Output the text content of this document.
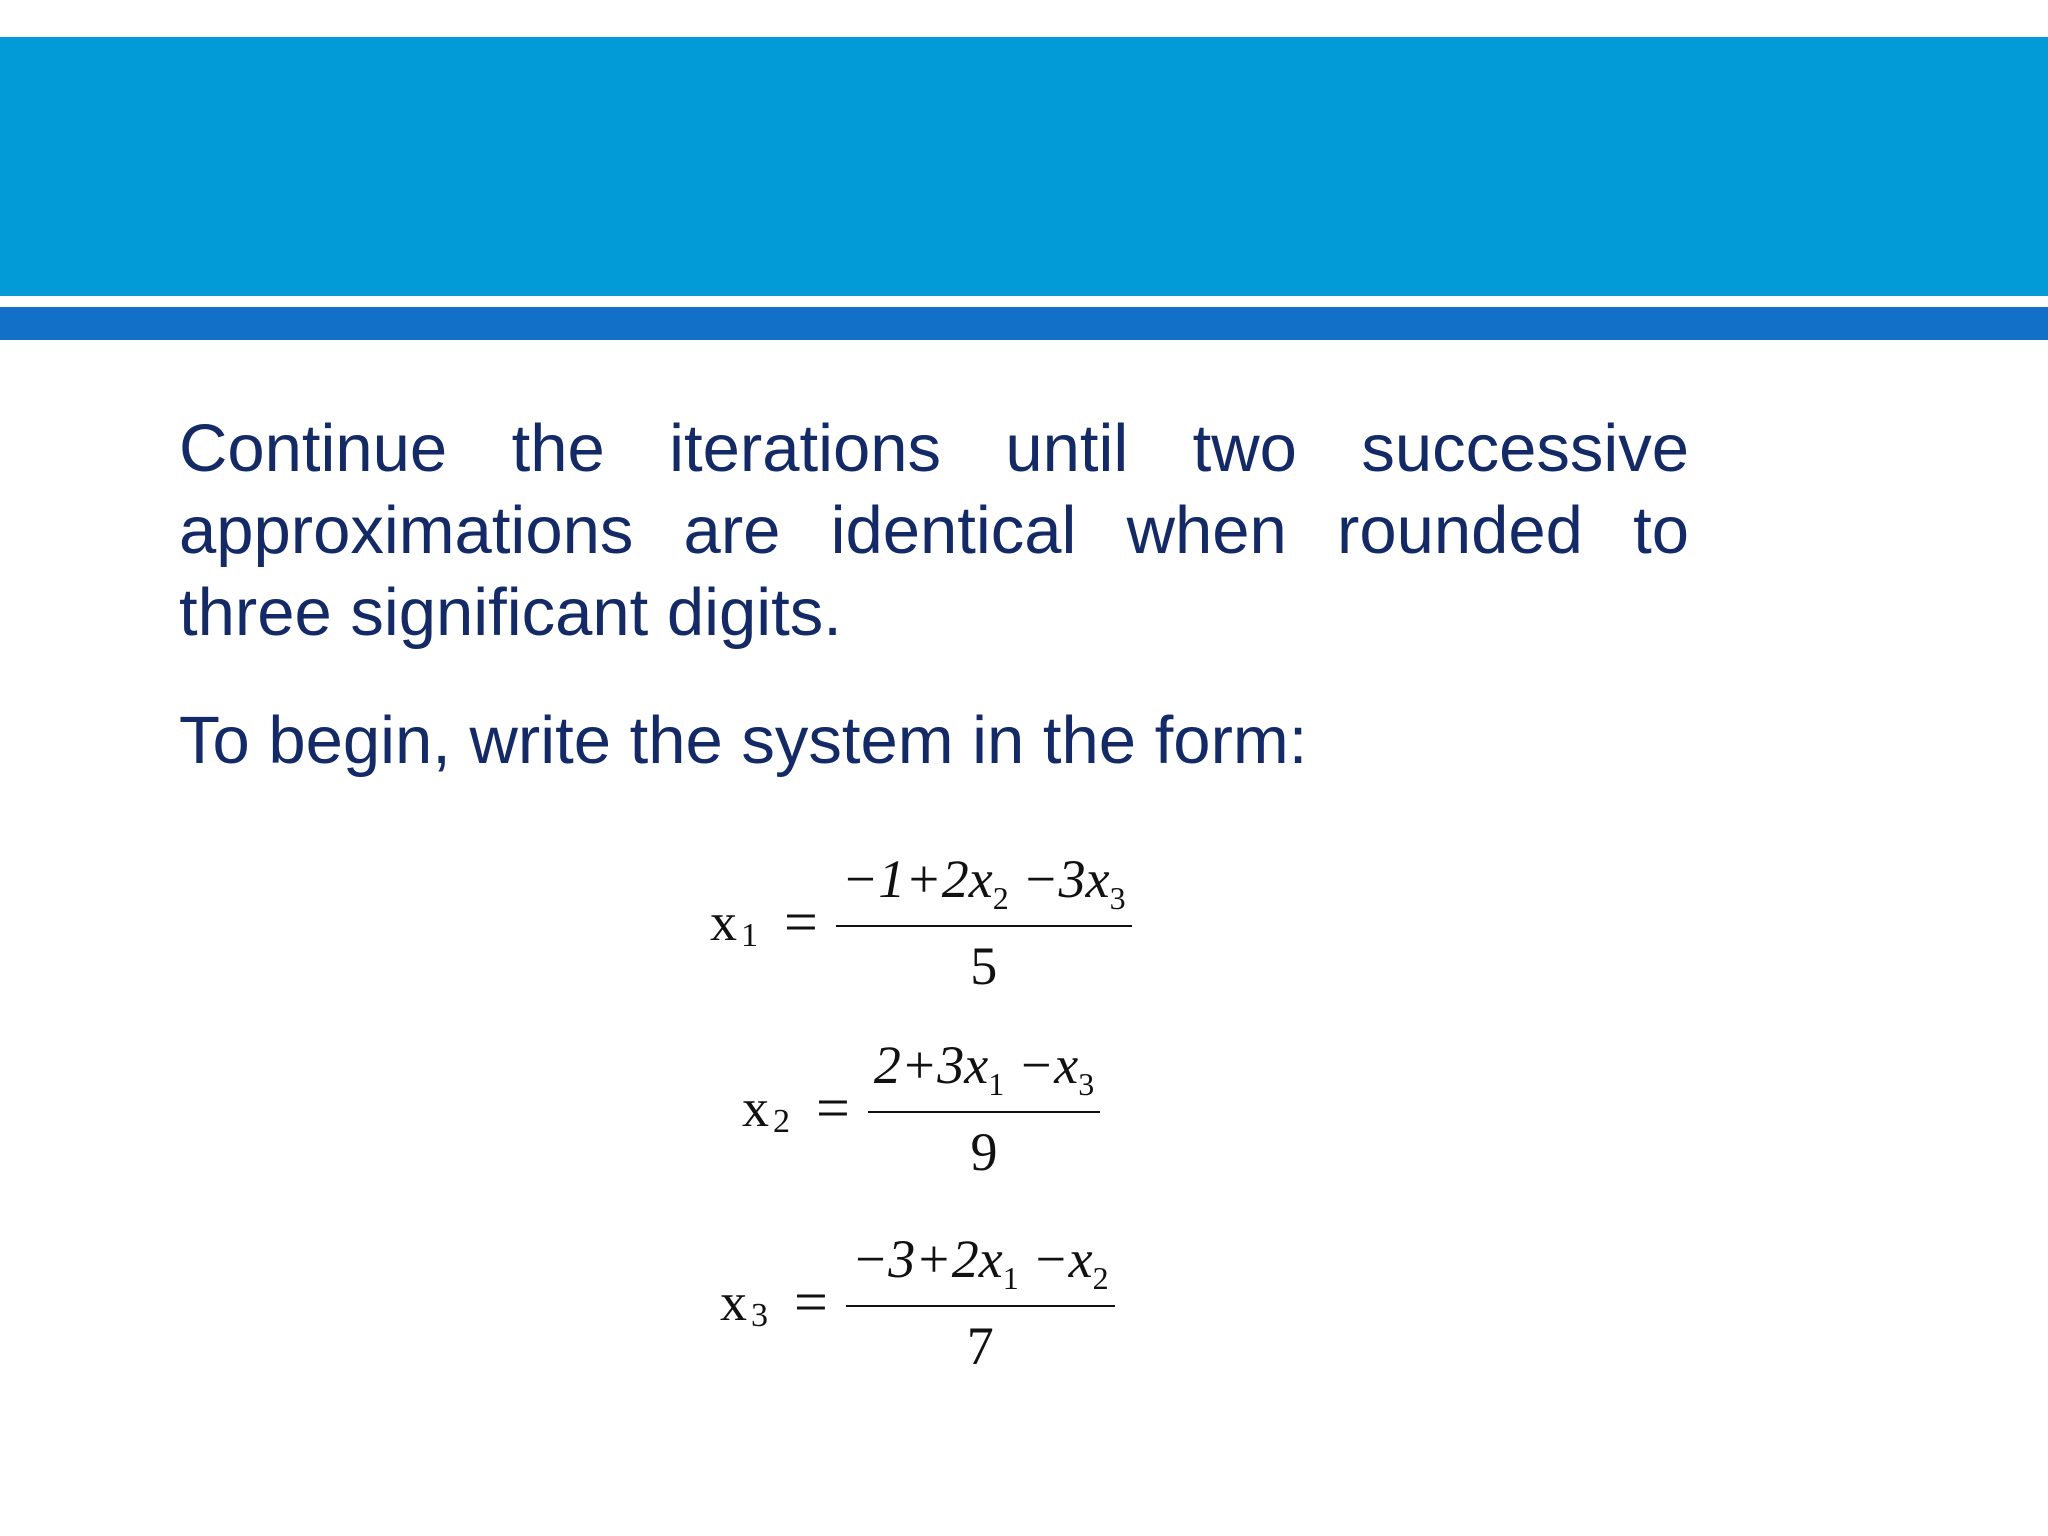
Continue the iterations until two successive approximations are identical when rounded to three significant digits.
To begin, write the system in the form:
$x_1 = \frac{-1+2x_2 -3x_3}{5}$
$x_2 = \frac{2+3x_1 -x_3}{9}$
$x_3 = \frac{-3+2x_1 -x_2}{7}$
